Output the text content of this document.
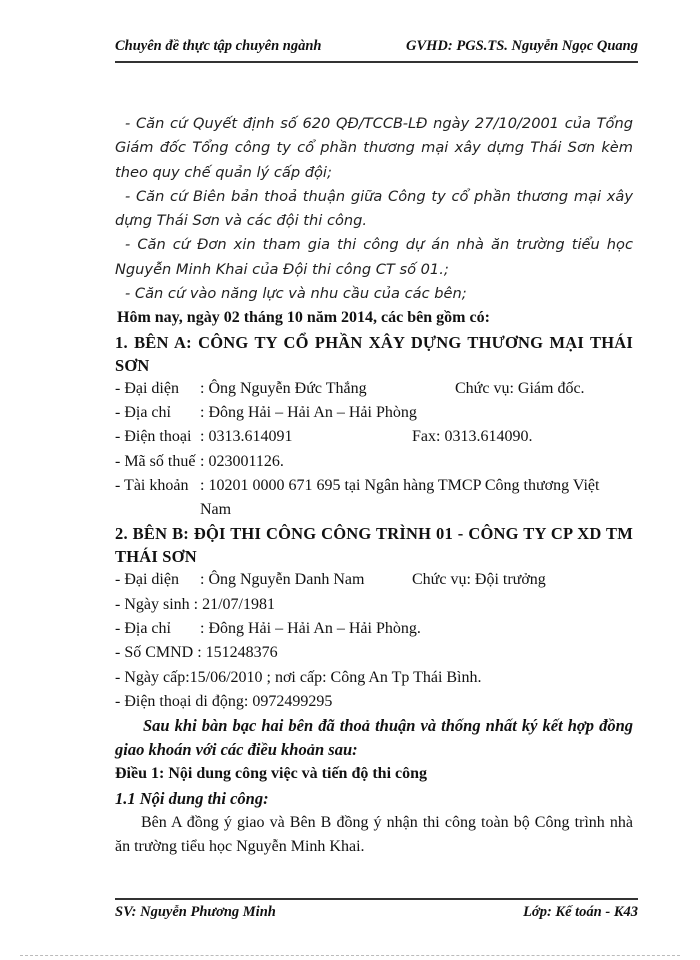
Chuyên đề thực tập chuyên ngành	GVHD: PGS.TS. Nguyễn Ngọc Quang
- Căn cứ Quyết định số 620 QĐ/TCCB-LĐ ngày 27/10/2001 của Tổng Giám đốc Tổng công ty cổ phần thương mại xây dựng Thái Sơn kèm theo quy chế quản lý cấp đội;
- Căn cứ Biên bản thoả thuận giữa Công ty cổ phần thương mại xây dựng Thái Sơn và các đội thi công.
- Căn cứ Đơn xin tham gia thi công dự án nhà ăn trường tiểu học Nguyễn Minh Khai của Đội thi công CT số 01.;
- Căn cứ vào năng lực và nhu cầu của các bên;
Hôm nay, ngày 02 tháng 10 năm 2014, các bên gồm có:
1. BÊN A: CÔNG TY CỔ PHẦN XÂY DỰNG THƯƠNG MẠI THÁI SƠN
- Đại diện : Ông Nguyễn Đức Thắng	Chức vụ: Giám đốc.
- Địa chỉ : Đông Hải – Hải An – Hải Phòng
- Điện thoại : 0313.614091	Fax: 0313.614090.
- Mã số thuế : 023001126.
- Tài khoản : 10201 0000 671 695 tại Ngân hàng TMCP Công thương Việt
Nam
2. BÊN B: ĐỘI THI CÔNG CÔNG TRÌNH 01 - CÔNG TY CP XD TM THÁI SƠN
- Đại diện : Ông Nguyễn Danh Nam	Chức vụ: Đội trưởng
- Ngày sinh : 21/07/1981
- Địa chỉ : Đông Hải – Hải An – Hải Phòng.
- Số CMND : 151248376
- Ngày cấp:15/06/2010 ; nơi cấp: Công An Tp Thái Bình.
- Điện thoại di động: 0972499295
Sau khi bàn bạc hai bên đã thoả thuận và thống nhất ký kết hợp đồng giao khoán với các điều khoản sau:
Điều 1: Nội dung công việc và tiến độ thi công
1.1 Nội dung thi công:
Bên A đồng ý giao và Bên B đồng ý nhận thi công toàn bộ Công trình nhà ăn trường tiểu học Nguyễn Minh Khai.
SV: Nguyễn Phương Minh	Lớp: Kế toán - K43
